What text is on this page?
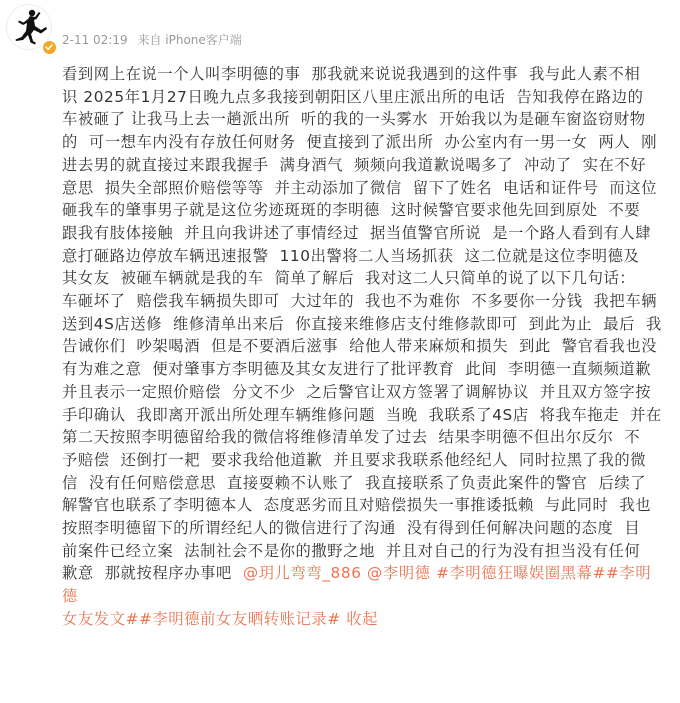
2-11 02:19 来自 iPhone客户端
看到网上在说一个人叫李明德的事  那我就来说说我遇到的这件事  我与此人素不相
识 2025年1月27日晚九点多我接到朝阳区八里庄派出所的电话  告知我停在路边的
车被砸了 让我马上去一趟派出所  听的我的一头雾水  开始我以为是砸车窗盗窃财物
的  可一想车内没有存放任何财务  便直接到了派出所  办公室内有一男一女  两人  刚
进去男的就直接过来跟我握手  满身酒气  频频向我道歉说喝多了  冲动了  实在不好
意思  损失全部照价赔偿等等  并主动添加了微信  留下了姓名  电话和证件号  而这位
砸我车的肇事男子就是这位劣迹斑斑的李明德  这时候警官要求他先回到原处  不要
跟我有肢体接触  并且向我讲述了事情经过  据当值警官所说  是一个路人看到有人肆
意打砸路边停放车辆迅速报警  110出警将二人当场抓获  这二位就是这位李明德及
其女友  被砸车辆就是我的车  简单了解后  我对这二人只简单的说了以下几句话：
车砸坏了  赔偿我车辆损失即可  大过年的  我也不为难你  不多要你一分钱  我把车辆
送到4S店送修  维修清单出来后  你直接来维修店支付维修款即可  到此为止  最后  我
告诫你们  吵架喝酒  但是不要酒后滋事  给他人带来麻烦和损失  到此  警官看我也没
有为难之意  便对肇事方李明德及其女友进行了批评教育  此间  李明德一直频频道歉
并且表示一定照价赔偿  分文不少  之后警官让双方签署了调解协议  并且双方签字按
手印确认  我即离开派出所处理车辆维修问题  当晚  我联系了4S店  将我车拖走  并在
第二天按照李明德留给我的微信将维修清单发了过去  结果李明德不但出尔反尔  不
予赔偿  还倒打一耙  要求我给他道歉  并且要求我联系他经纪人  同时拉黑了我的微
信  没有任何赔偿意思  直接耍赖不认账了  我直接联系了负责此案件的警官  后续了
解警官也联系了李明德本人  态度恶劣而且对赔偿损失一事推诿抵赖  与此同时  我也
按照李明德留下的所谓经纪人的微信进行了沟通  没有得到任何解决问题的态度  目
前案件已经立案  法制社会不是你的撒野之地  并且对自己的行为没有担当没有任何
歉意  那就按程序办事吧  @玥儿弯弯_886 @李明德 #李明德狂曝娱圈黑幕##李明德
女友发文##李明德前女友晒转账记录# 收起
